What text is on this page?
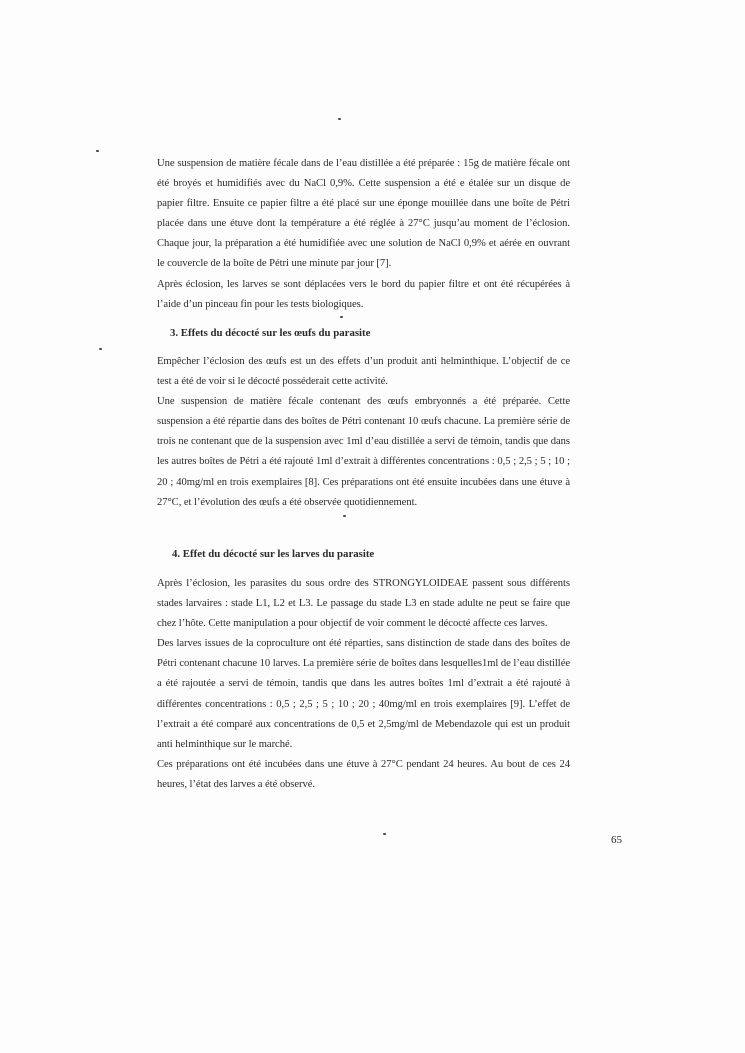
Une suspension de matière fécale dans de l’eau distillée a été préparée : 15g de matière fécale ont été broyés et humidifiés avec du NaCl 0,9%. Cette suspension a été e étalée sur un disque de papier filtre. Ensuite ce papier filtre a été placé sur une éponge mouillée dans une boîte de Pétri placée dans une étuve dont la température a été réglée à 27°C jusqu’au moment de l’éclosion. Chaque jour, la préparation a été humidifiée avec une solution de NaCl 0,9% et aérée en ouvrant le couvercle de la boîte de Pétri une minute par jour [7].

Après éclosion, les larves se sont déplacées vers le bord du papier filtre et ont été récupérées à l’aide d’un pinceau fin pour les tests biologiques.

3. Effets du décocté sur les œufs du parasite

Empêcher l’éclosion des œufs est un des effets d’un produit anti helminthique. L’objectif de ce test a été de voir si le décocté posséderait cette activité.

Une suspension de matière fécale contenant des œufs embryonnés a été préparée. Cette suspension a été répartie dans des boîtes de Pétri contenant 10 œufs chacune. La première série de trois ne contenant que de la suspension avec 1ml d’eau distillée a servi de témoin, tandis que dans les autres boîtes de Pétri a été rajouté 1ml d’extrait à différentes concentrations : 0,5 ; 2,5 ; 5 ; 10 ; 20 ; 40mg/ml en trois exemplaires [8]. Ces préparations ont été ensuite incubées dans une étuve à 27°C, et l’évolution des œufs a été observée quotidiennement.

4. Effet du décocté sur les larves du parasite

Après l’éclosion, les parasites du sous ordre des STRONGYLOIDEAE passent sous différents stades larvaires : stade L1, L2 et L3. Le passage du stade L3 en stade adulte ne peut se faire que chez l’hôte. Cette manipulation a pour objectif de voir comment le décocté affecte ces larves.

Des larves issues de la coproculture ont été réparties, sans distinction de stade dans des boîtes de Pétri contenant chacune 10 larves. La première série de boîtes dans lesquelles1ml de l’eau distillée a été rajoutée a servi de témoin, tandis que dans les autres boîtes 1ml d’extrait a été rajouté à différentes concentrations : 0,5 ; 2,5 ; 5 ; 10 ; 20 ; 40mg/ml en trois exemplaires [9]. L’effet de l’extrait a été comparé aux concentrations de 0,5 et 2,5mg/ml de Mebendazole qui est un produit anti helminthique sur le marché.

Ces préparations ont été incubées dans une étuve à 27°C pendant 24 heures. Au bout de ces 24 heures, l’état des larves a été observé.

65
